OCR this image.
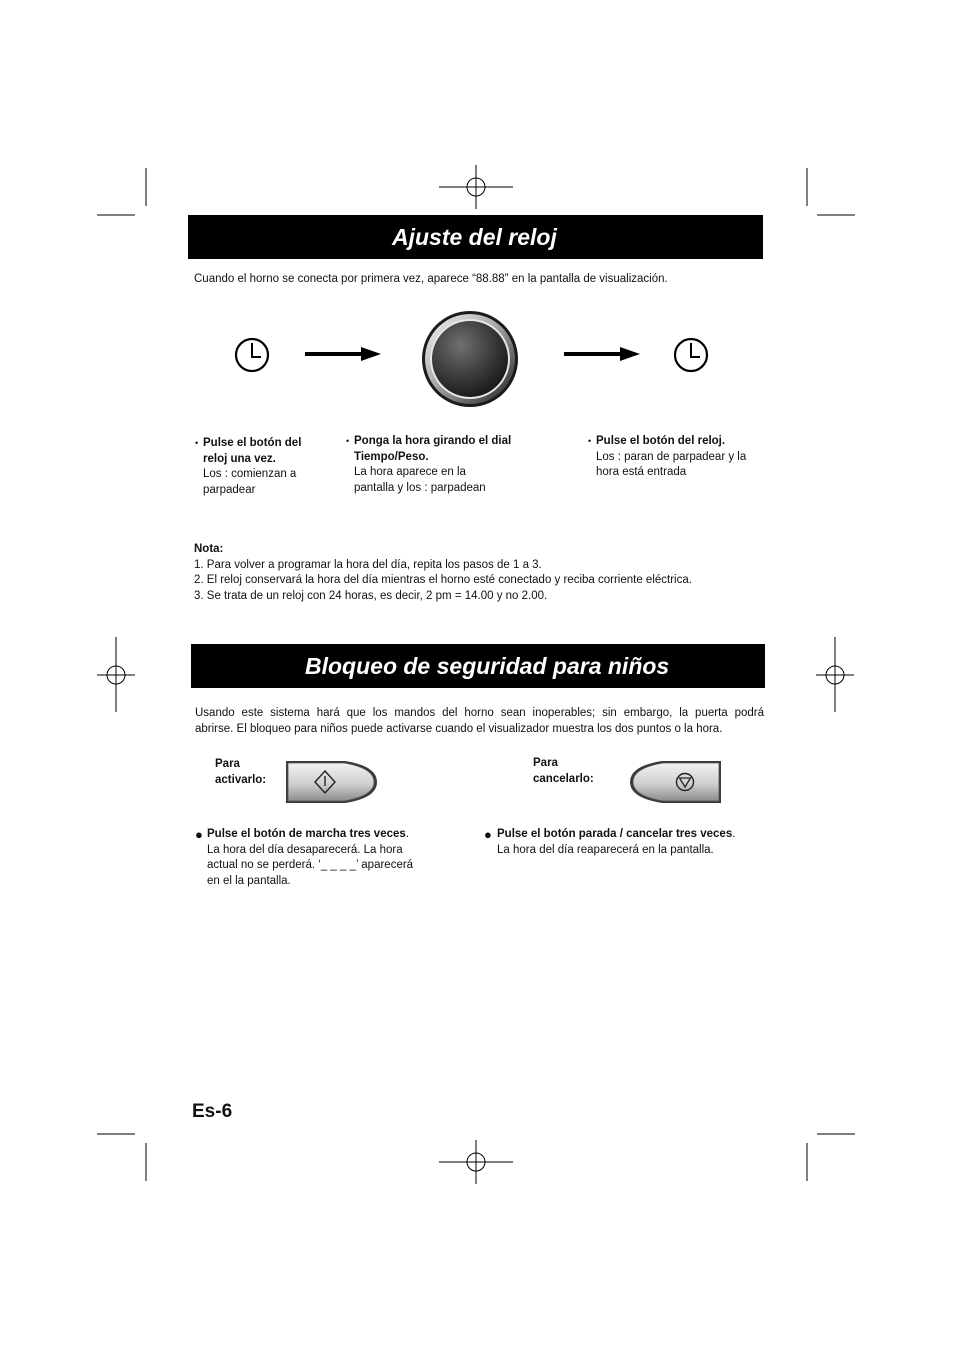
Ajuste del reloj
Cuando el horno se conecta por primera vez, aparece “88.88” en la pantalla de visualización.
• Pulse el botón del reloj una vez.
Los : comienzan a parpadear
• Ponga la hora girando el dial Tiempo/Peso.
La hora aparece en la pantalla y los : parpadean
• Pulse el botón del reloj.
Los : paran de parpadear y la hora está entrada
Nota:
1. Para volver a programar la hora del día, repita los pasos de 1 a 3.
2. El reloj conservará la hora del día mientras el horno esté conectado y reciba corriente eléctrica.
3. Se trata de un reloj con 24 horas, es decir, 2 pm = 14.00 y no 2.00.
Bloqueo de seguridad para niños
Usando este sistema hará que los mandos del horno sean inoperables; sin embargo, la puerta podrá
abrirse. El bloqueo para niños puede activarse cuando el visualizador muestra los dos puntos o la hora.
Para
activarlo:
● Pulse el botón de marcha tres veces.
La hora del día desaparecerá. La hora
actual no se perderá. ‘_ _ _ _’ aparecerá
en el la pantalla.
Para
cancelarlo:
● Pulse el botón parada / cancelar tres veces.
La hora del día reaparecerá en la pantalla.
Es-6
